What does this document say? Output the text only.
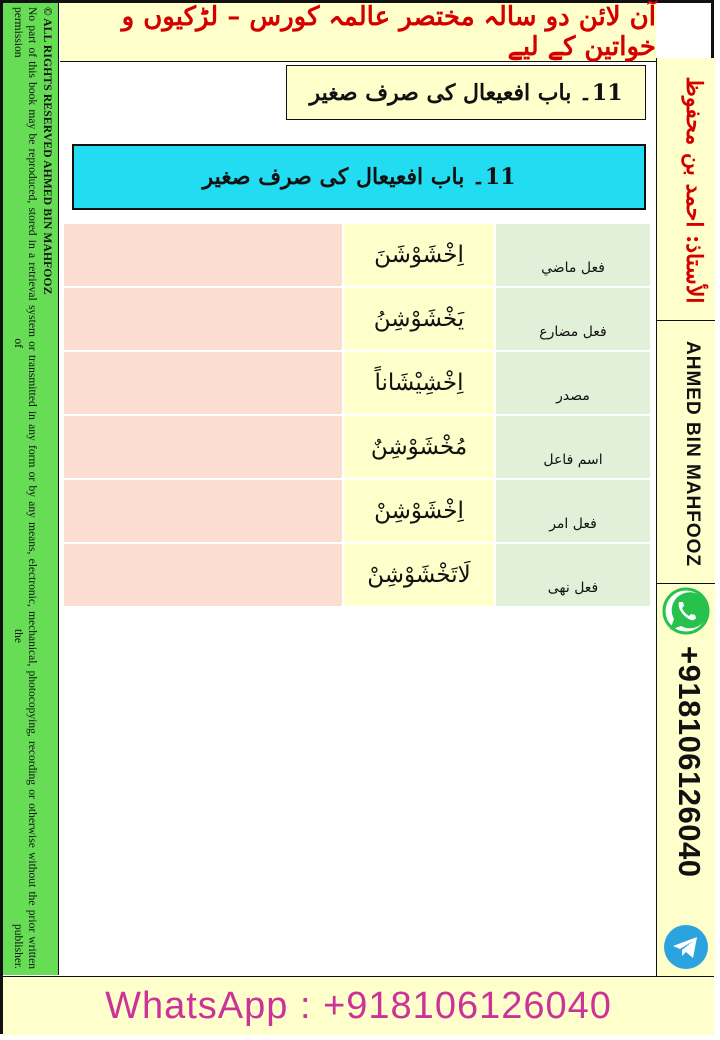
آن لائن دو سالہ مختصر عالمہ کورس – لڑکیوں و خواتین کے لیے
© ALL RIGHTS RESERVED AHMED BIN MAHFOOZ
No part of this book may be reproduced, stored in a retrieval system or transmitted in any form or by any means, electronic, mechanical, photocopying, recording or otherwise without the prior written permission of the publisher.	الأستاذ: احمد بن محفوظ
AHMED BIN MAHFOOZ
+918106126040
11۔ باب افعیعال کی صرف صغیر
11۔ باب افعیعال کی صرف صغیر
اِخْشَوْشَنَ	فعل ماضي
يَخْشَوْشِنُ	فعل مضارع
اِخْشِيْشَاناً	مصدر
مُخْشَوْشِنٌ	اسم فاعل
اِخْشَوْشِنْ	فعل امر
لَاتَخْشَوْشِنْ	فعل نهى
WhatsApp : +918106126040
